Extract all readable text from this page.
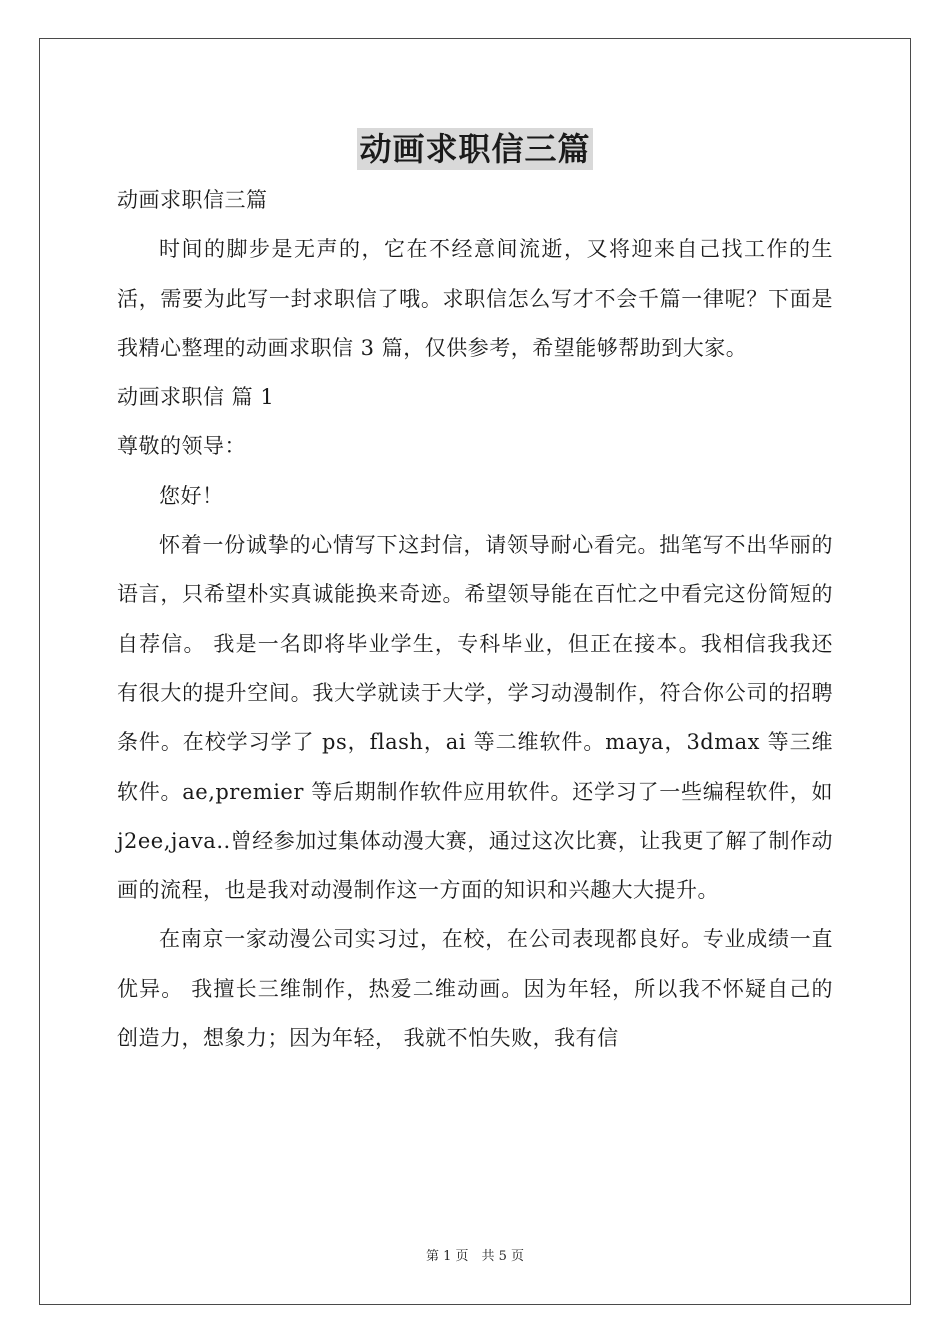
动画求职信三篇

动画求职信三篇

时间的脚步是无声的，它在不经意间流逝，又将迎来自己找工作的生活，需要为此写一封求职信了哦。求职信怎么写才不会千篇一律呢？下面是我精心整理的动画求职信 3 篇，仅供参考，希望能够帮助到大家。

动画求职信 篇 1

尊敬的领导：

您好！

怀着一份诚挚的心情写下这封信，请领导耐心看完。拙笔写不出华丽的语言，只希望朴实真诚能换来奇迹。希望领导能在百忙之中看完这份简短的自荐信。 我是一名即将毕业学生，专科毕业，但正在接本。我相信我我还有很大的提升空间。我大学就读于大学，学习动漫制作，符合你公司的招聘条件。在校学习学了 ps，flash，ai 等二维软件。maya，3dmax 等三维软件。ae,premier 等后期制作软件应用软件。还学习了一些编程软件，如 j2ee,java..曾经参加过集体动漫大赛，通过这次比赛，让我更了解了制作动画的流程，也是我对动漫制作这一方面的知识和兴趣大大提升。

在南京一家动漫公司实习过，在校，在公司表现都良好。专业成绩一直优异。 我擅长三维制作，热爱二维动画。因为年轻，所以我不怀疑自己的创造力，想象力；因为年轻， 我就不怕失败，我有信

第 1 页　共 5 页
